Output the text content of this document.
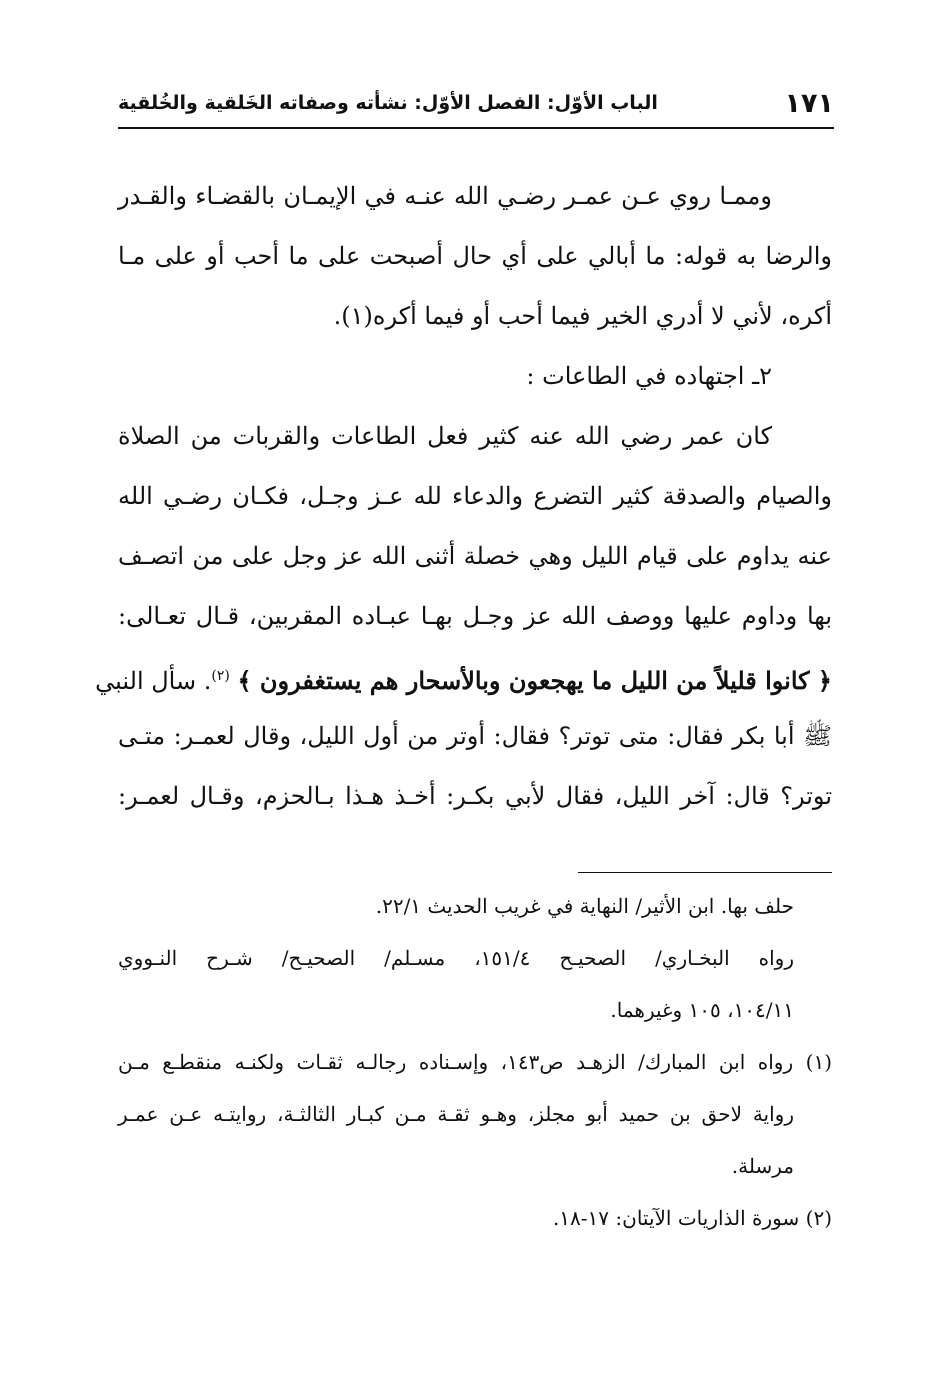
١٧١
الباب الأوّل: الفصل الأوّل: نشأته وصفاته الخَلقية والخُلقية
وممـا روي عـن عمـر رضـي الله عنـه في الإيمـان بالقضـاء والقـدر
والرضا به قوله: ما أبالي على أي حال أصبحت على ما أحب أو على مـا
أكره، لأني لا أدري الخير فيما أحب أو فيما أكره(١).
٢ـ اجتهاده في الطاعات :
كان عمر رضي الله عنه كثير فعل الطاعات والقربات من الصلاة
والصيام والصدقة كثير التضرع والدعاء لله عـز وجـل، فكـان رضـي الله
عنه يداوم على قيام الليل وهي خصلة أثنى الله عز وجل على من اتصـف
بها وداوم عليها ووصف الله عز وجـل بهـا عبـاده المقربين، قـال تعـالى:
﴿ كانوا قليلاً من الليل ما يهجعون وبالأسحار هم يستغفرون ﴾ $^{(٢)}$. سأل النبي
ﷺ أبا بكر فقال: متى توتر؟ فقال: أوتر من أول الليل، وقال لعمـر: متـى
توتر؟ قال: آخر الليل، فقال لأبي بكـر: أخـذ هـذا بـالحزم، وقـال لعمـر:
حلف بها. ابن الأثير/ النهاية في غريب الحديث ٢٢/١.
رواه البخـاري/ الصحيـح ١٥١/٤، مسـلم/ الصحيـح/ شـرح النـووي
١٠٤/١١، ١٠٥ وغيرهما.
(١) رواه ابن المبارك/ الزهـد ص١٤٣، وإسـناده رجالـه ثقـات ولكنـه منقطـع مـن
رواية لاحق بن حميد أبو مجلز، وهـو ثقـة مـن كبـار الثالثـة، روايتـه عـن عمـر
مرسلة.
(٢) سورة الذاريات الآيتان: ١٧-١٨.
